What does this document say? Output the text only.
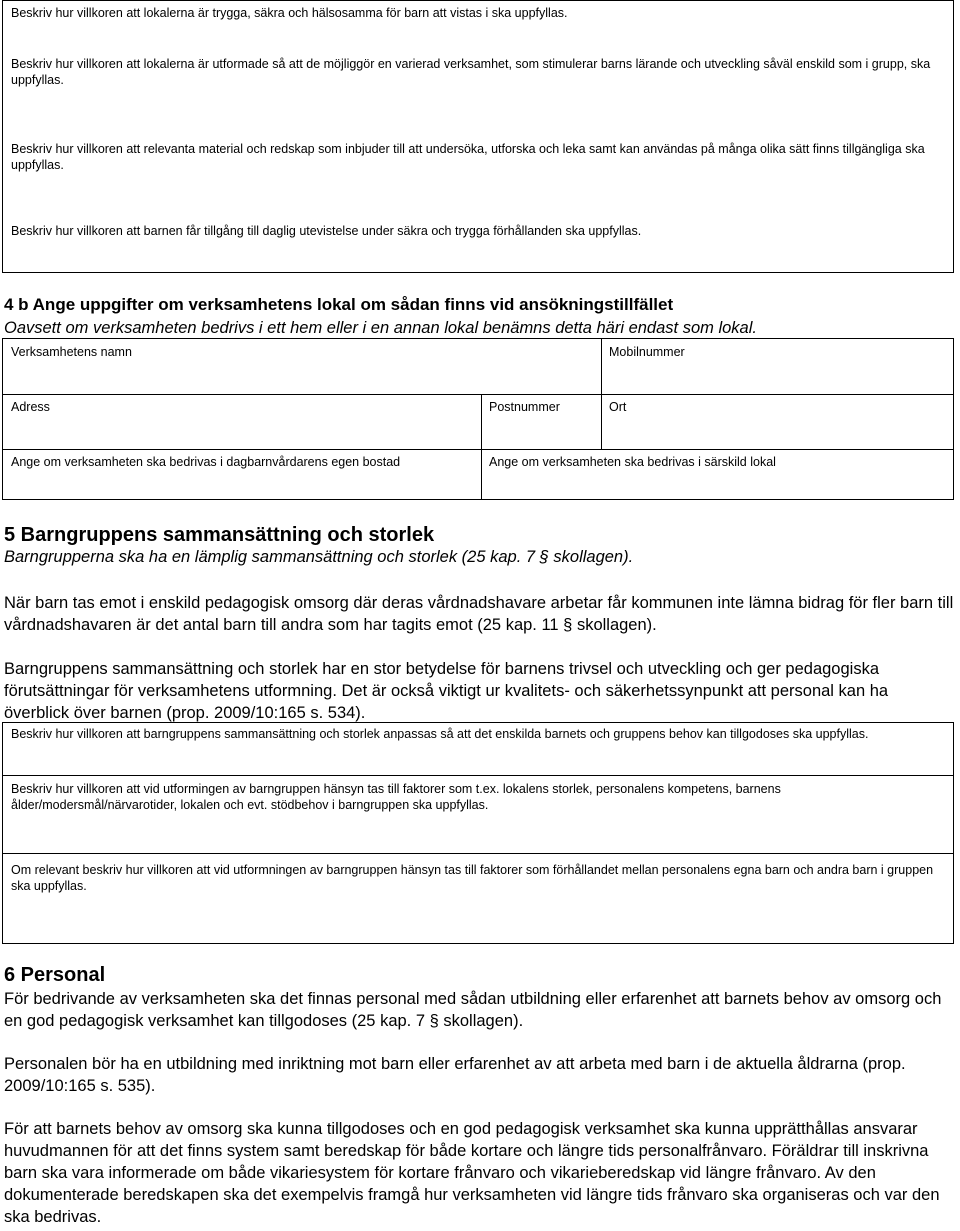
Beskriv hur villkoren att lokalerna är trygga, säkra och hälsosamma för barn att vistas i ska uppfyllas.

Beskriv hur villkoren att lokalerna är utformade så att de möjliggör en varierad verksamhet, som stimulerar barns lärande och utveckling såväl enskild som i grupp, ska uppfyllas.

Beskriv hur villkoren att relevanta material och redskap som inbjuder till att undersöka, utforska och leka samt kan användas på många olika sätt finns tillgängliga ska uppfyllas.

Beskriv hur villkoren att barnen får tillgång till daglig utevistelse under säkra och trygga förhållanden ska uppfyllas.

4 b Ange uppgifter om verksamhetens lokal om sådan finns vid ansökningstillfället
Oavsett om verksamheten bedrivs i ett hem eller i en annan lokal benämns detta häri endast som lokal.
Verksamhetens namn	Mobilnummer
Adress	Postnummer	Ort
Ange om verksamheten ska bedrivas i dagbarnvårdarens egen bostad	Ange om verksamheten ska bedrivas i särskild lokal
5 Barngruppens sammansättning och storlek
Barngrupperna ska ha en lämplig sammansättning och storlek (25 kap. 7 § skollagen).

När barn tas emot i enskild pedagogisk omsorg där deras vårdnadshavare arbetar får kommunen inte lämna bidrag för fler barn till vårdnadshavaren är det antal barn till andra som har tagits emot (25 kap. 11 § skollagen).

Barngruppens sammansättning och storlek har en stor betydelse för barnens trivsel och utveckling och ger pedagogiska förutsättningar för verksamhetens utformning. Det är också viktigt ur kvalitets- och säkerhetssynpunkt att personal kan ha överblick över barnen (prop. 2009/10:165 s. 534).

Beskriv hur villkoren att barngruppens sammansättning och storlek anpassas så att det enskilda barnets och gruppens behov kan tillgodoses ska uppfyllas.

Beskriv hur villkoren att vid utformingen av barngruppen hänsyn tas till faktorer som t.ex. lokalens storlek, personalens kompetens, barnens ålder/modersmål/närvarotider, lokalen och evt. stödbehov i barngruppen ska uppfyllas.

Om relevant beskriv hur villkoren att vid utformningen av barngruppen hänsyn tas till faktorer som förhållandet mellan personalens egna barn och andra barn i gruppen ska uppfyllas.

6 Personal

För bedrivande av verksamheten ska det finnas personal med sådan utbildning eller erfarenhet att barnets behov av omsorg och en god pedagogisk verksamhet kan tillgodoses (25 kap. 7 § skollagen).

Personalen bör ha en utbildning med inriktning mot barn eller erfarenhet av att arbeta med barn i de aktuella åldrarna (prop. 2009/10:165 s. 535).

För att barnets behov av omsorg ska kunna tillgodoses och en god pedagogisk verksamhet ska kunna upprätthållas ansvarar huvudmannen för att det finns system samt beredskap för både kortare och längre tids personalfrånvaro. Föräldrar till inskrivna barn ska vara informerade om både vikariesystem för kortare frånvaro och vikariеberedskap vid längre frånvaro. Av den dokumenterade beredskapen ska det exempelvis framgå hur verksamheten vid längre tids frånvaro ska organiseras och var den ska bedrivas.
